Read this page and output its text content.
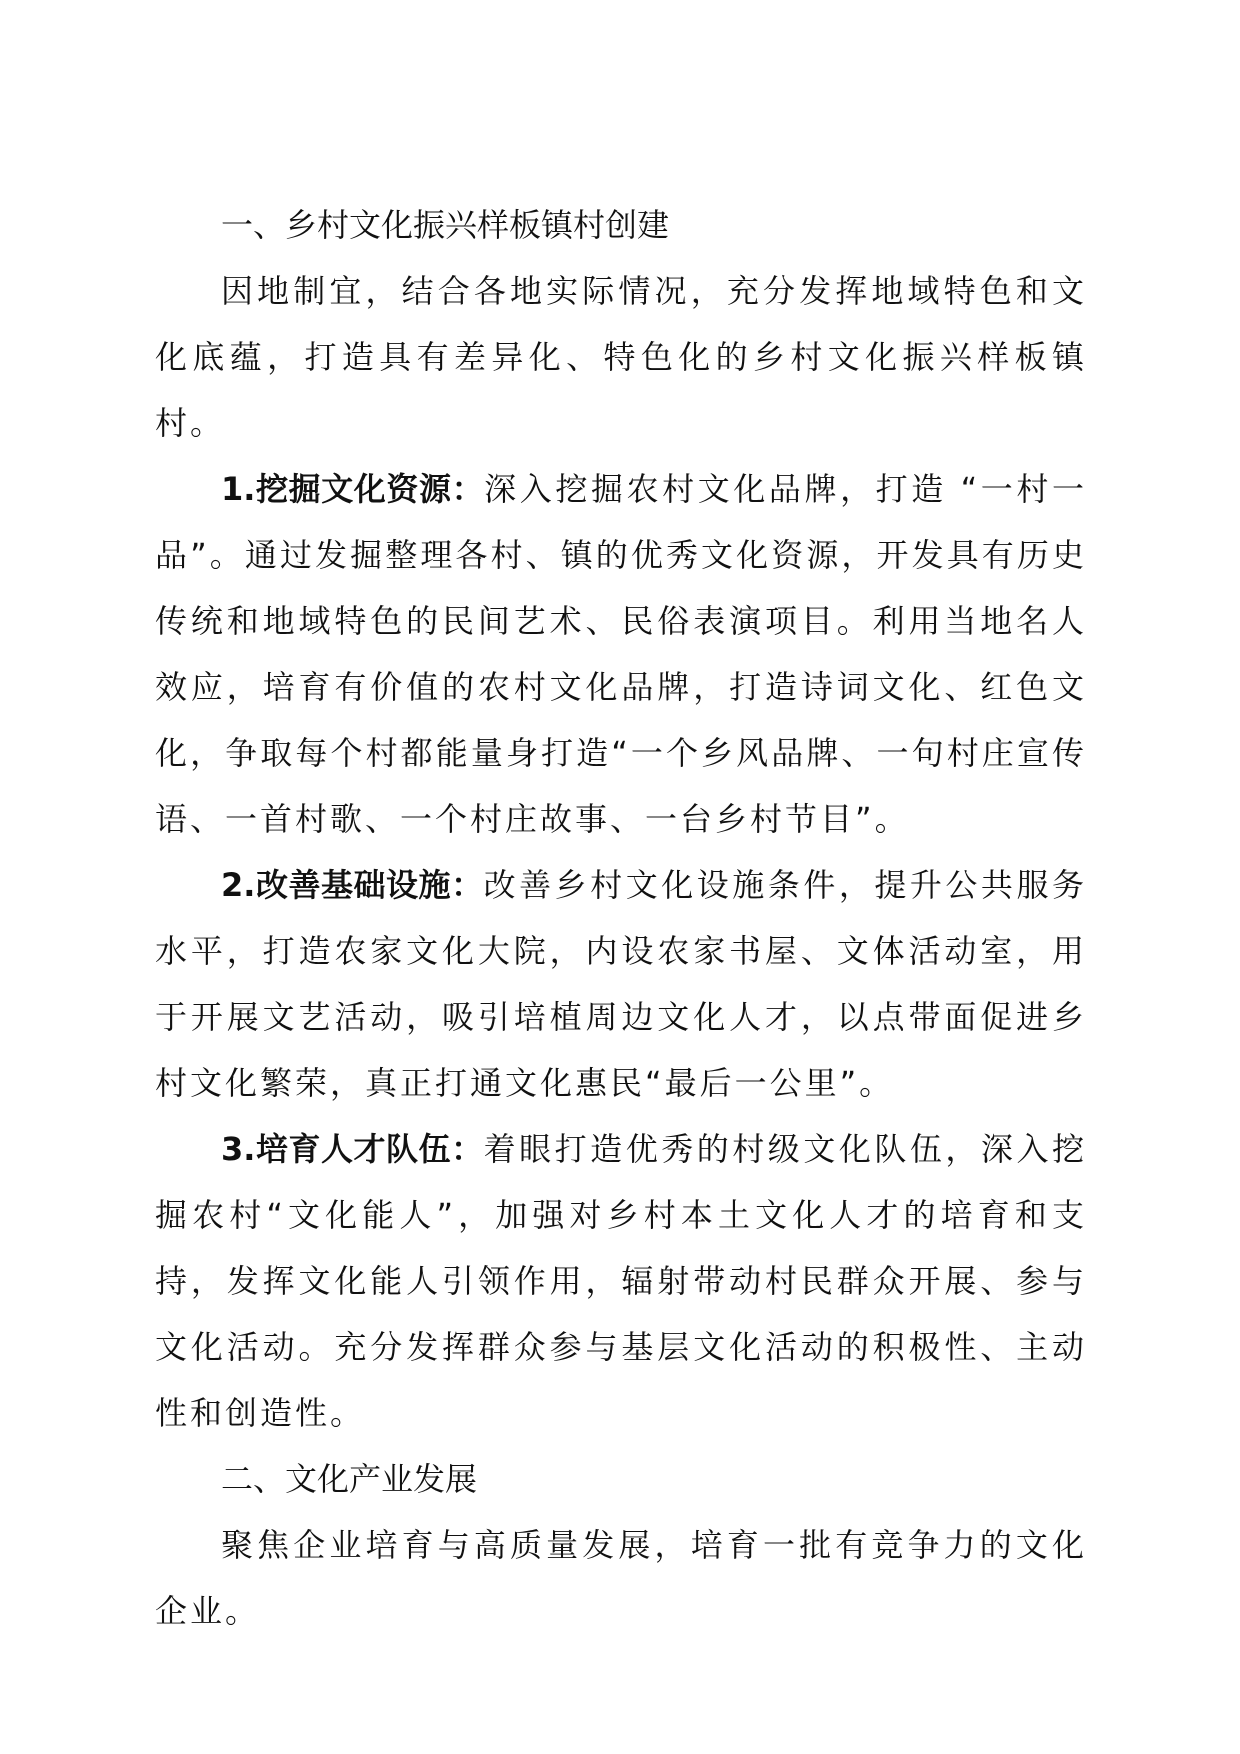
一、乡村文化振兴样板镇村创建

因地制宜，结合各地实际情况，充分发挥地域特色和文化底蕴，打造具有差异化、特色化的乡村文化振兴样板镇村。

1.挖掘文化资源：深入挖掘农村文化品牌，打造 “一村一品”。通过发掘整理各村、镇的优秀文化资源，开发具有历史传统和地域特色的民间艺术、民俗表演项目。利用当地名人效应，培育有价值的农村文化品牌，打造诗词文化、红色文化，争取每个村都能量身打造“一个乡风品牌、一句村庄宣传语、一首村歌、一个村庄故事、一台乡村节目”。

2.改善基础设施：改善乡村文化设施条件，提升公共服务水平，打造农家文化大院，内设农家书屋、文体活动室，用于开展文艺活动，吸引培植周边文化人才，以点带面促进乡村文化繁荣，真正打通文化惠民“最后一公里”。

3.培育人才队伍：着眼打造优秀的村级文化队伍，深入挖掘农村“文化能人”，加强对乡村本土文化人才的培育和支持，发挥文化能人引领作用，辐射带动村民群众开展、参与文化活动。充分发挥群众参与基层文化活动的积极性、主动性和创造性。

二、文化产业发展

聚焦企业培育与高质量发展，培育一批有竞争力的文化企业。
